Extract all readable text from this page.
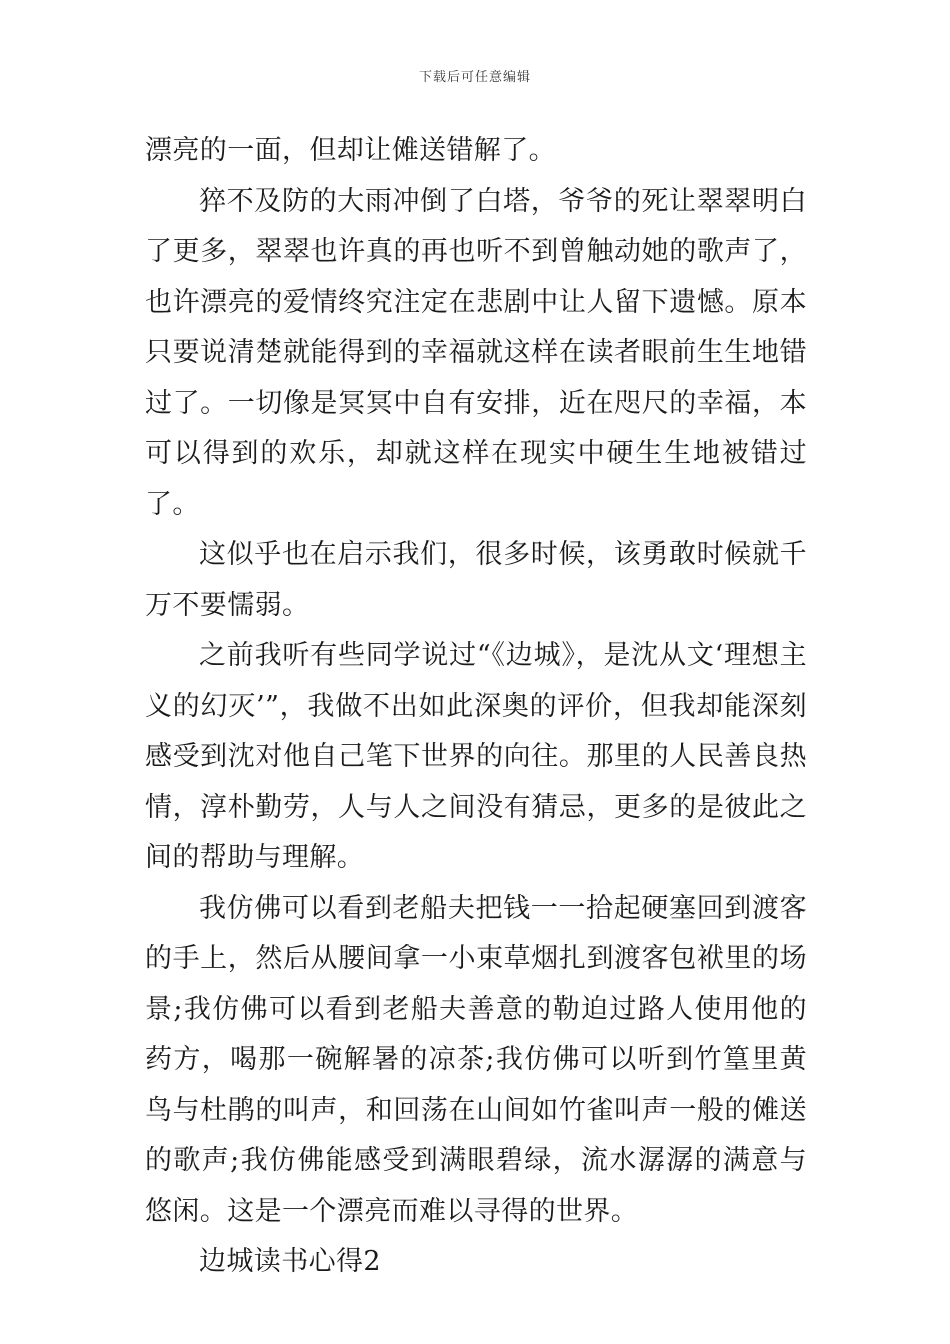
下载后可任意编辑

漂亮的一面，但却让傩送错解了。

猝不及防的大雨冲倒了白塔，爷爷的死让翠翠明白了更多，翠翠也许真的再也听不到曾触动她的歌声了，也许漂亮的爱情终究注定在悲剧中让人留下遗憾。原本只要说清楚就能得到的幸福就这样在读者眼前生生地错过了。一切像是冥冥中自有安排，近在咫尺的幸福，本可以得到的欢乐，却就这样在现实中硬生生地被错过了。

这似乎也在启示我们，很多时候，该勇敢时候就千万不要懦弱。

之前我听有些同学说过“《边城》，是沈从文‘理想主义的幻灭’”，我做不出如此深奥的评价，但我却能深刻感受到沈对他自己笔下世界的向往。那里的人民善良热情，淳朴勤劳，人与人之间没有猜忌，更多的是彼此之间的帮助与理解。

我仿佛可以看到老船夫把钱一一拾起硬塞回到渡客的手上，然后从腰间拿一小束草烟扎到渡客包袱里的场景;我仿佛可以看到老船夫善意的勒迫过路人使用他的药方，喝那一碗解暑的凉茶;我仿佛可以听到竹篁里黄鸟与杜鹃的叫声，和回荡在山间如竹雀叫声一般的傩送的歌声;我仿佛能感受到满眼碧绿，流水潺潺的满意与悠闲。这是一个漂亮而难以寻得的世界。

边城读书心得2
